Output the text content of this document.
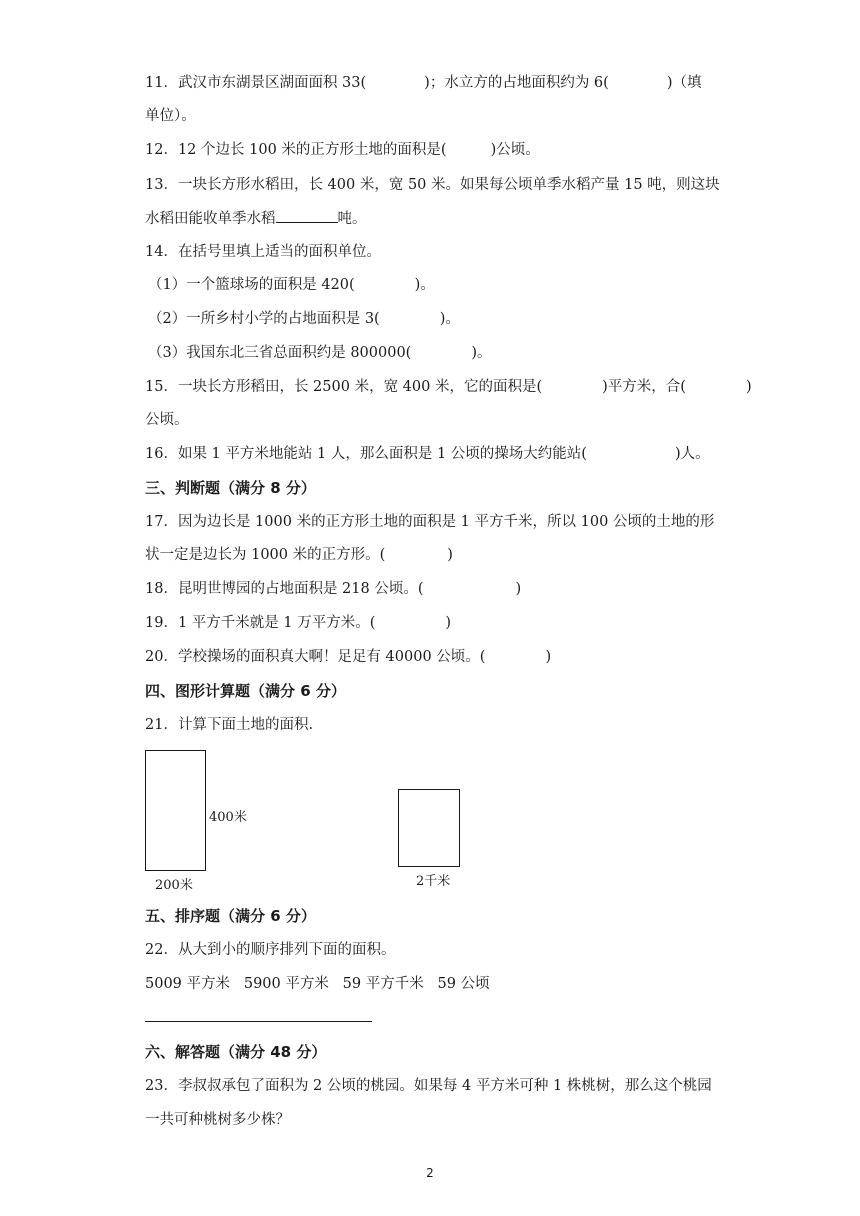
11．武汉市东湖景区湖面面积 33(	)；水立方的占地面积约为 6(	)（填
单位）。
12．12 个边长 100 米的正方形土地的面积是(	)公顷。
13．一块长方形水稻田，长 400 米，宽 50 米。如果每公顷单季水稻产量 15 吨，则这块
水稻田能收单季水稻	吨。
14．在括号里填上适当的面积单位。
（1）一个篮球场的面积是 420(	)。
（2）一所乡村小学的占地面积是 3(	)。
（3）我国东北三省总面积约是 800000(	)。
15．一块长方形稻田，长 2500 米，宽 400 米，它的面积是(	)平方米，合(	)
公顷。
16．如果 1 平方米地能站 1 人，那么面积是 1 公顷的操场大约能站(	)人。
三、判断题（满分 8 分）
17．因为边长是 1000 米的正方形土地的面积是 1 平方千米，所以 100 公顷的土地的形
状一定是边长为 1000 米的正方形。(	)
18．昆明世博园的占地面积是 218 公顷。(	)
19．1 平方千米就是 1 万平方米。(	)
20．学校操场的面积真大啊！足足有 40000 公顷。(	)
四、图形计算题（满分 6 分）
21．计算下面土地的面积.
400米
200米	2千米
五、排序题（满分 6 分）
22．从大到小的顺序排列下面的面积。
5009 平方米   5900 平方米   59 平方千米   59 公顷
六、解答题（满分 48 分）
23．李叔叔承包了面积为 2 公顷的桃园。如果每 4 平方米可种 1 株桃树，那么这个桃园
一共可种桃树多少株？
2
